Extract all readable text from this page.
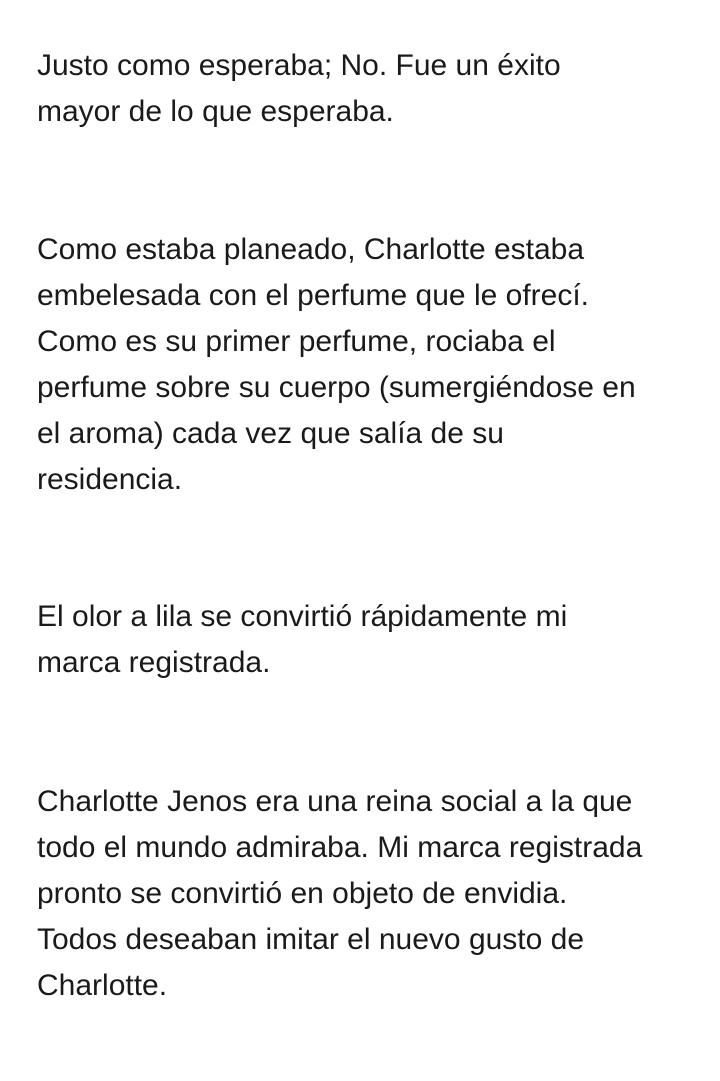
Justo como esperaba; No. Fue un éxito
mayor de lo que esperaba.

Como estaba planeado, Charlotte estaba
embelesada con el perfume que le ofrecí.
Como es su primer perfume, rociaba el
perfume sobre su cuerpo (sumergiéndose en
el aroma) cada vez que salía de su
residencia.

El olor a lila se convirtió rápidamente mi
marca registrada.

Charlotte Jenos era una reina social a la que
todo el mundo admiraba. Mi marca registrada
pronto se convirtió en objeto de envidia.
Todos deseaban imitar el nuevo gusto de
Charlotte.
